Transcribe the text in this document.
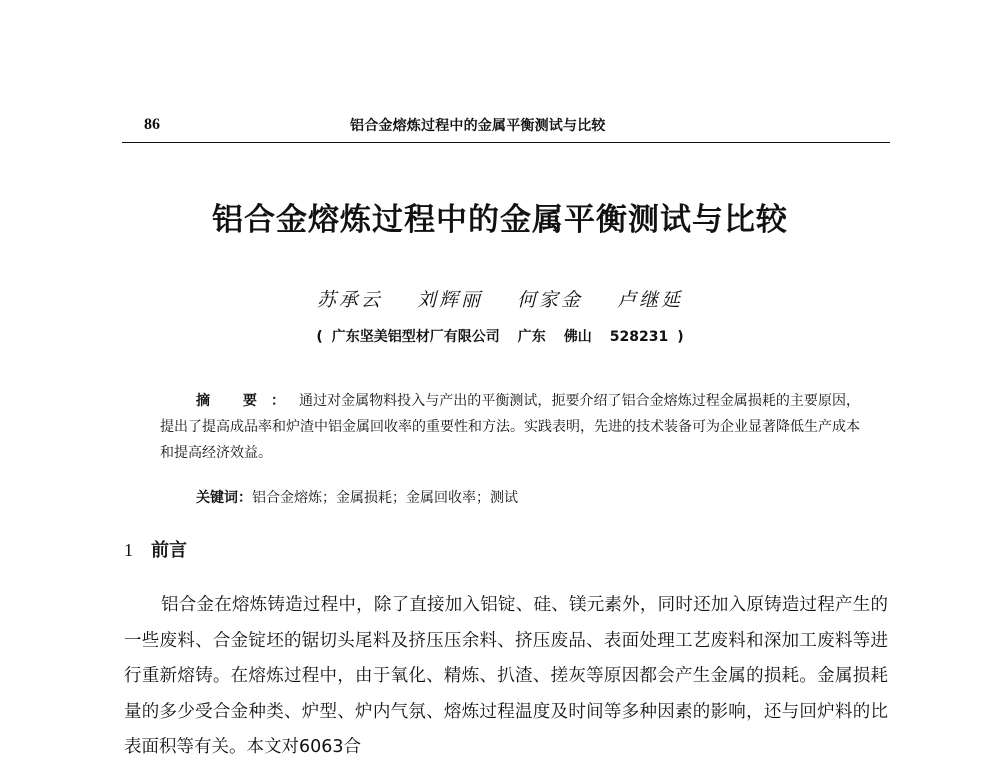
86	铝合金熔炼过程中的金属平衡测试与比较
铝合金熔炼过程中的金属平衡测试与比较
苏承云 刘辉丽 何家金 卢继延
( 广东坚美铝型材厂有限公司 广东 佛山 528231 )
摘 要：通过对金属物料投入与产出的平衡测试，扼要介绍了铝合金熔炼过程金属损耗的主要原因，提出了提高成品率和炉渣中铝金属回收率的重要性和方法。实践表明，先进的技术装备可为企业显著降低生产成本和提高经济效益。
关键词：铝合金熔炼；金属损耗；金属回收率；测试
1 前言
铝合金在熔炼铸造过程中，除了直接加入铝锭、硅、镁元素外，同时还加入原铸造过程产生的一些废料、合金锭坯的锯切头尾料及挤压压余料、挤压废品、表面处理工艺废料和深加工废料等进行重新熔铸。在熔炼过程中，由于氧化、精炼、扒渣、搓灰等原因都会产生金属的损耗。金属损耗量的多少受合金种类、炉型、炉内气氛、熔炼过程温度及时间等多种因素的影响，还与回炉料的比表面积等有关。本文对6063合
